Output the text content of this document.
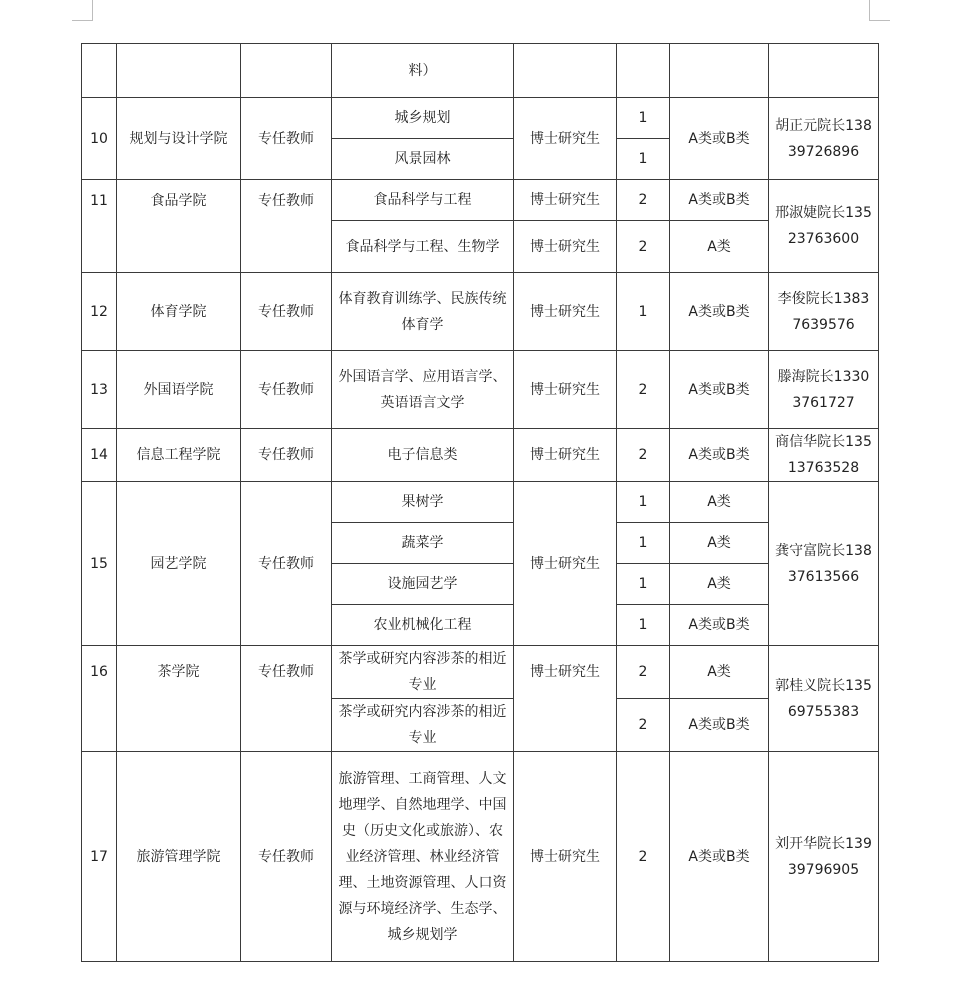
			料）				
10	规划与设计学院	专任教师	城乡规划	博士研究生	1	A类或B类	胡正元院长13839726896
			风景园林		1		
11	食品学院	专任教师	食品科学与工程	博士研究生	2	A类或B类	邢淑婕院长13523763600
			食品科学与工程、生物学	博士研究生	2	A类	
12	体育学院	专任教师	体育教育训练学、民族传统体育学	博士研究生	1	A类或B类	李俊院长13837639576
13	外国语学院	专任教师	外国语言学、应用语言学、英语语言文学	博士研究生	2	A类或B类	滕海院长13303761727
14	信息工程学院	专任教师	电子信息类	博士研究生	2	A类或B类	商信华院长13513763528
15	园艺学院	专任教师	果树学	博士研究生	1	A类	龚守富院长13837613566
			蔬菜学		1	A类	
			设施园艺学		1	A类	
			农业机械化工程		1	A类或B类	
16	茶学院	专任教师	茶学或研究内容涉茶的相近专业	博士研究生	2	A类	郭桂义院长13569755383
			茶学或研究内容涉茶的相近专业		2	A类或B类	
17	旅游管理学院	专任教师	旅游管理、工商管理、人文地理学、自然地理学、中国史（历史文化或旅游）、农业经济管理、林业经济管理、土地资源管理、人口资源与环境经济学、生态学、城乡规划学	博士研究生	2	A类或B类	刘开华院长13939796905
